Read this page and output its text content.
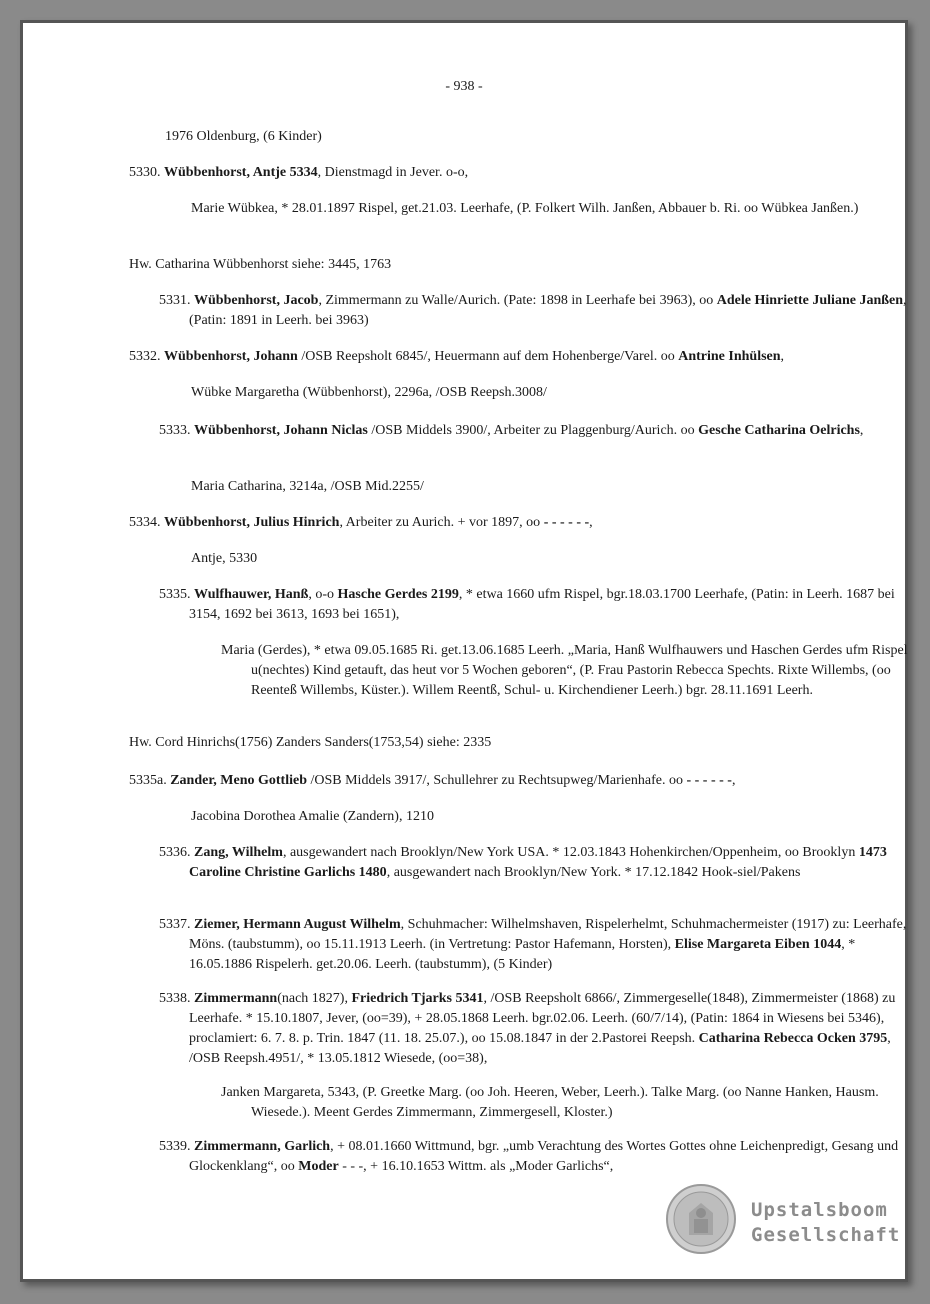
- 938 -
1976 Oldenburg, (6 Kinder)
5330. Wübbenhorst, Antje 5334, Dienstmagd in Jever. o-o,
Marie Wübkea, * 28.01.1897 Rispel, get.21.03. Leerhafe, (P. Folkert Wilh. Janßen, Abbauer b. Ri. oo Wübkea Janßen.)
Hw. Catharina Wübbenhorst siehe: 3445, 1763
5331. Wübbenhorst, Jacob, Zimmermann zu Walle/Aurich. (Pate: 1898 in Leerhafe bei 3963), oo Adele Hinriette Juliane Janßen, (Patin: 1891 in Leerh. bei 3963)
5332. Wübbenhorst, Johann /OSB Reepsholt 6845/, Heuermann auf dem Hohenberge/Varel. oo Antrine Inhülsen,
Wübke Margaretha (Wübbenhorst), 2296a, /OSB Reepsh.3008/
5333. Wübbenhorst, Johann Niclas /OSB Middels 3900/, Arbeiter zu Plaggenburg/Aurich. oo Gesche Catharina Oelrichs,
Maria Catharina, 3214a, /OSB Mid.2255/
5334. Wübbenhorst, Julius Hinrich, Arbeiter zu Aurich. + vor 1897, oo - - - - - -,
Antje, 5330
5335. Wulfhauwer, Hanß, o-o Hasche Gerdes 2199, * etwa 1660 ufm Rispel, bgr.18.03.1700 Leerhafe, (Patin: in Leerh. 1687 bei 3154, 1692 bei 3613, 1693 bei 1651),
Maria (Gerdes), * etwa 09.05.1685 Ri. get.13.06.1685 Leerh. „Maria, Hanß Wulfhauwers und Haschen Gerdes ufm Rispel u(nechtes) Kind getauft, das heut vor 5 Wochen geboren“, (P. Frau Pastorin Rebecca Spechts. Rixte Willembs, (oo Reenteß Willembs, Küster.). Willem Reentß, Schul- u. Kirchendiener Leerh.) bgr. 28.11.1691 Leerh.
Hw. Cord Hinrichs(1756) Zanders Sanders(1753,54) siehe: 2335
5335a. Zander, Meno Gottlieb /OSB Middels 3917/, Schullehrer zu Rechtsupweg/Marienhafe. oo - - - - - -,
Jacobina Dorothea Amalie (Zandern), 1210
5336. Zang, Wilhelm, ausgewandert nach Brooklyn/New York USA. * 12.03.1843 Hohenkirchen/Oppenheim, oo Brooklyn 1473 Caroline Christine Garlichs 1480, ausgewandert nach Brooklyn/New York. * 17.12.1842 Hook-siel/Pakens
5337. Ziemer, Hermann August Wilhelm, Schuhmacher: Wilhelmshaven, Rispelerhelmt, Schuhmachermeister (1917) zu: Leerhafe, Möns. (taubstumm), oo 15.11.1913 Leerh. (in Vertretung: Pastor Hafemann, Horsten), Elise Margareta Eiben 1044, * 16.05.1886 Rispelerh. get.20.06. Leerh. (taubstumm), (5 Kinder)
5338. Zimmermann(nach 1827), Friedrich Tjarks 5341, /OSB Reepsholt 6866/, Zimmergeselle(1848), Zimmermeister (1868) zu Leerhafe. * 15.10.1807, Jever, (oo=39), + 28.05.1868 Leerh. bgr.02.06. Leerh. (60/7/14), (Patin: 1864 in Wiesens bei 5346), proclamiert: 6. 7. 8. p. Trin. 1847 (11. 18. 25.07.), oo 15.08.1847 in der 2.Pastorei Reepsh. Catharina Rebecca Ocken 3795, /OSB Reepsh.4951/, * 13.05.1812 Wiesede, (oo=38),
Janken Margareta, 5343, (P. Greetke Marg. (oo Joh. Heeren, Weber, Leerh.). Talke Marg. (oo Nanne Hanken, Hausm. Wiesede.). Meent Gerdes Zimmermann, Zimmergesell, Kloster.)
5339. Zimmermann, Garlich, + 08.01.1660 Wittmund, bgr. „umb Verachtung des Wortes Gottes ohne Leichenpredigt, Gesang und Glockenklang“, oo Moder - - -, + 16.10.1653 Wittm. als „Moder Garlichs“,
Upstalsboom
Gesellschaft
